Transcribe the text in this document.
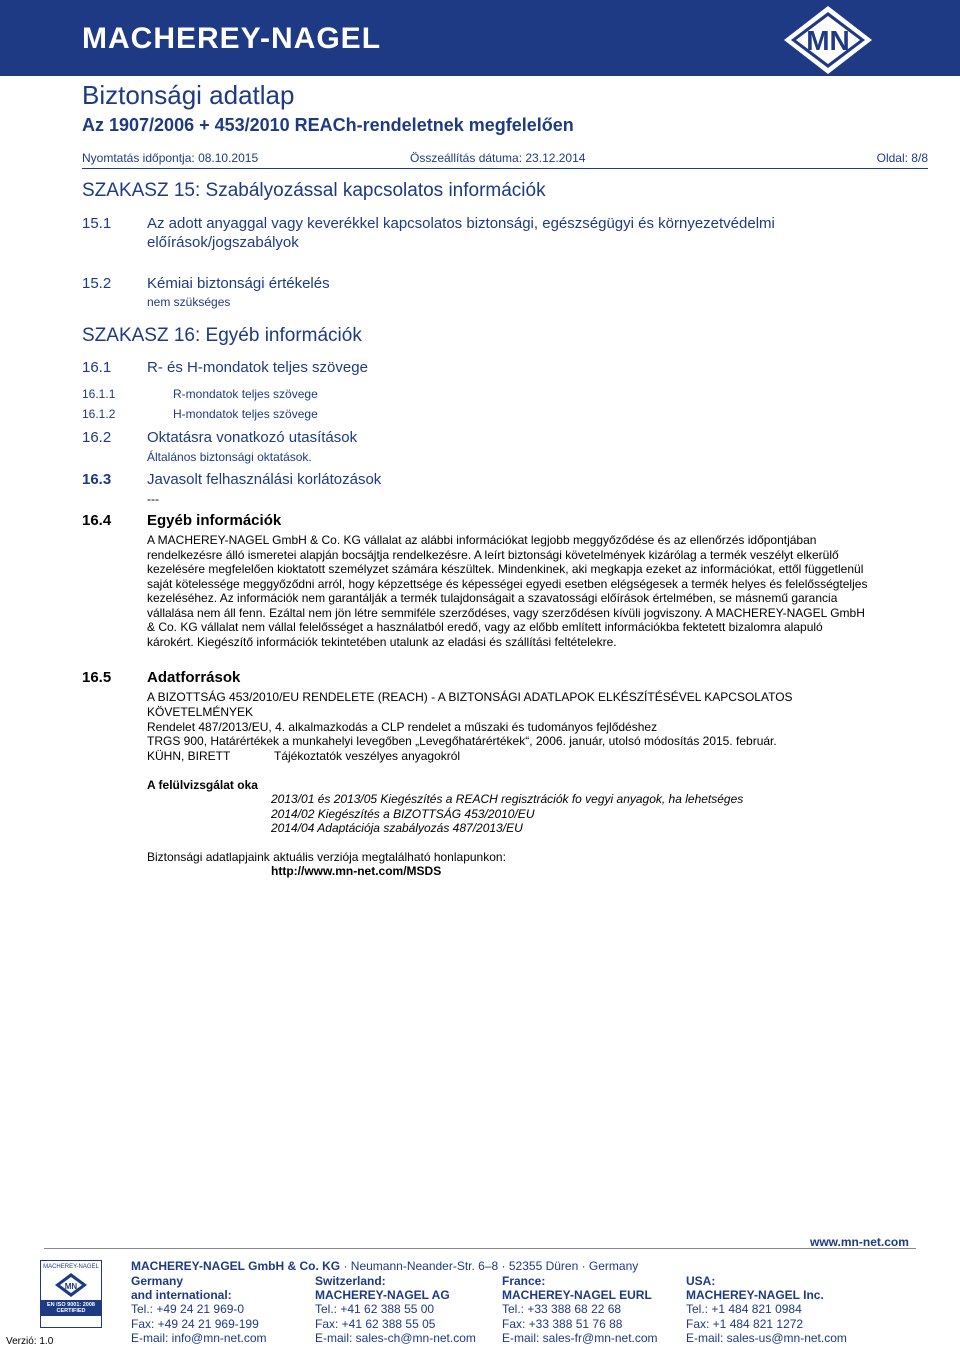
MACHEREY-NAGEL	MN
Biztonsági adatlap
Az 1907/2006 + 453/2010 REACh-rendeletnek megfelelően
Nyomtatás időpontja: 08.10.2015	Összeállítás dátuma: 23.12.2014	Oldal: 8/8
SZAKASZ 15: Szabályozással kapcsolatos információk
15.1 Az adott anyaggal vagy keverékkel kapcsolatos biztonsági, egészségügyi és környezetvédelmi
előírások/jogszabályok
15.2 Kémiai biztonsági értékelés
nem szükséges
SZAKASZ 16: Egyéb információk
16.1 R- és H-mondatok teljes szövege
16.1.1	R-mondatok teljes szövege
16.1.2	H-mondatok teljes szövege
16.2 Oktatásra vonatkozó utasítások
Általános biztonsági oktatások.
16.3 Javasolt felhasználási korlátozások
---
16.4 Egyéb információk
A MACHEREY-NAGEL GmbH & Co. KG vállalat az alábbi információkat legjobb meggyőződése és az ellenőrzés időpontjában
rendelkezésre álló ismeretei alapján bocsájtja rendelkezésre. A leírt biztonsági követelmények kizárólag a termék veszélyt elkerülő
kezelésére megfelelően kioktatott személyzet számára készültek. Mindenkinek, aki megkapja ezeket az információkat, ettől függetlenül
saját kötelessége meggyőződni arról, hogy képzettsége és képességei egyedi esetben elégségesek a termék helyes és felelősségteljes
kezeléséhez. Az információk nem garantálják a termék tulajdonságait a szavatossági előírások értelmében, se másnemű garancia
vállalása nem áll fenn. Ezáltal nem jön létre semmiféle szerződéses, vagy szerződésen kívüli jogviszony. A MACHEREY-NAGEL GmbH
& Co. KG vállalat nem vállal felelősséget a használatból eredő, vagy az előbb említett információkba fektetett bizalomra alapuló
károkért. Kiegészítő információk tekintetében utalunk az eladási és szállítási feltételekre.
16.5 Adatforrások
A BIZOTTSÁG 453/2010/EU RENDELETE (REACH) - A BIZTONSÁGI ADATLAPOK ELKÉSZÍTÉSÉVEL KAPCSOLATOS
KÖVETELMÉNYEK
Rendelet 487/2013/EU, 4. alkalmazkodás a CLP rendelet a műszaki és tudományos fejlődéshez
TRGS 900, Határértékek a munkahelyi levegőben „Levegőhatárértékek“, 2006. január, utolsó módosítás 2015. február.
KÜHN, BIRETT	Tájékoztatók veszélyes anyagokról
A felülvizsgálat oka
2013/01 és 2013/05 Kiegészítés a REACH regisztrációk fo vegyi anyagok, ha lehetséges
2014/02 Kiegészítés a BIZOTTSÁG 453/2010/EU
2014/04 Adaptációja szabályozás 487/2013/EU
Biztonsági adatlapjaink aktuális verziója megtalálható honlapunkon:
http://www.mn-net.com/MSDS
www.mn-net.com
MACHEREY-NAGEL GmbH & Co. KG · Neumann-Neander-Str. 6–8 · 52355 Düren · Germany
MACHEREY-NAGEL
MN
EN ISO 9001: 2008
CERTIFIED
Verzió: 1.0
Germany
and international:
Tel.: +49 24 21 969-0
Fax: +49 24 21 969-199
E-mail: info@mn-net.com
Switzerland:
MACHEREY-NAGEL AG
Tel.: +41 62 388 55 00
Fax: +41 62 388 55 05
E-mail: sales-ch@mn-net.com
France:
MACHEREY-NAGEL EURL
Tel.: +33 388 68 22 68
Fax: +33 388 51 76 88
E-mail: sales-fr@mn-net.com
USA:
MACHEREY-NAGEL Inc.
Tel.: +1 484 821 0984
Fax: +1 484 821 1272
E-mail: sales-us@mn-net.com
